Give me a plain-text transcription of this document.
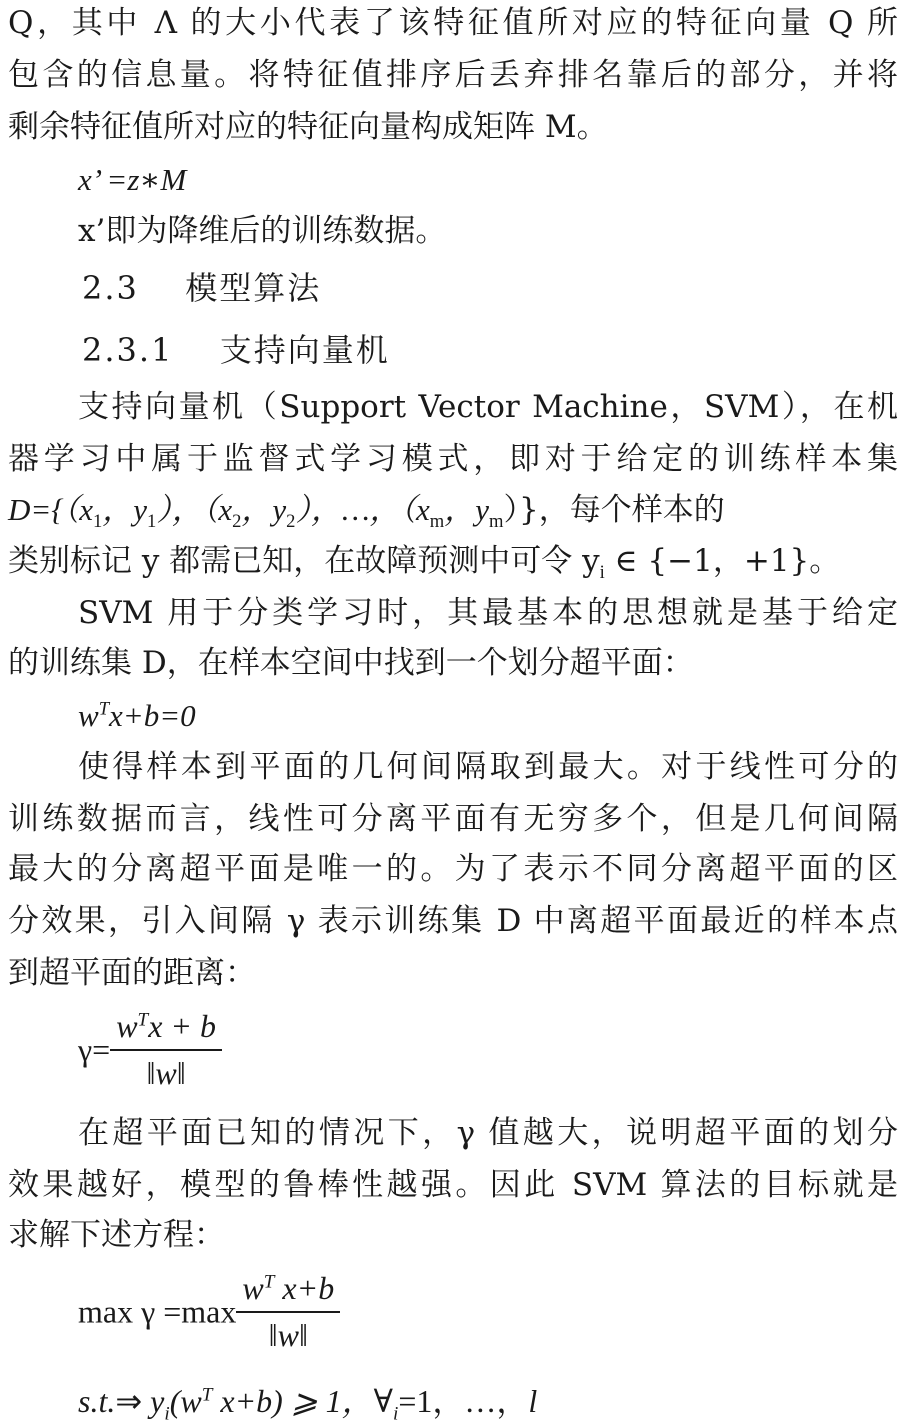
Q，其中 Λ 的大小代表了该特征值所对应的特征向量 Q 所
包含的信息量。将特征值排序后丢弃排名靠后的部分，并将
剩余特征值所对应的特征向量构成矩阵 M。
x’ =z∗M
x’即为降维后的训练数据。
2.3 模型算法
2.3.1 支持向量机
支持向量机（Support Vector Machine，SVM），在机
器学习中属于监督式学习模式，即对于给定的训练样本集
$D=\{(x_1$，$y_1$），（$x_2$，$y_2$），…，（$x_m$，$y_m$）}，每个样本的
类别标记 y 都需已知，在故障预测中可令 $y_i$ ∈ {−1，+1}。
SVM 用于分类学习时，其最基本的思想就是基于给定
的训练集 D，在样本空间中找到一个划分超平面：
$w^Tx+b=0$
使得样本到平面的几何间隔取到最大。对于线性可分的
训练数据而言，线性可分离平面有无穷多个，但是几何间隔
最大的分离超平面是唯一的。为了表示不同分离超平面的区
分效果，引入间隔 γ 表示训练集 D 中离超平面最近的样本点
到超平面的距离：
$\gamma= \frac{w^Tx + b}{‖w‖}$
在超平面已知的情况下，γ 值越大，说明超平面的划分
效果越好，模型的鲁棒性越强。因此 SVM 算法的目标就是
求解下述方程：
$\max \gamma =\max \frac{w^T x+b}{‖w‖}$
s.t.⇒ $y_i(w^T$ x+b) ⩾ 1，$\forall_i=1$，…，l
